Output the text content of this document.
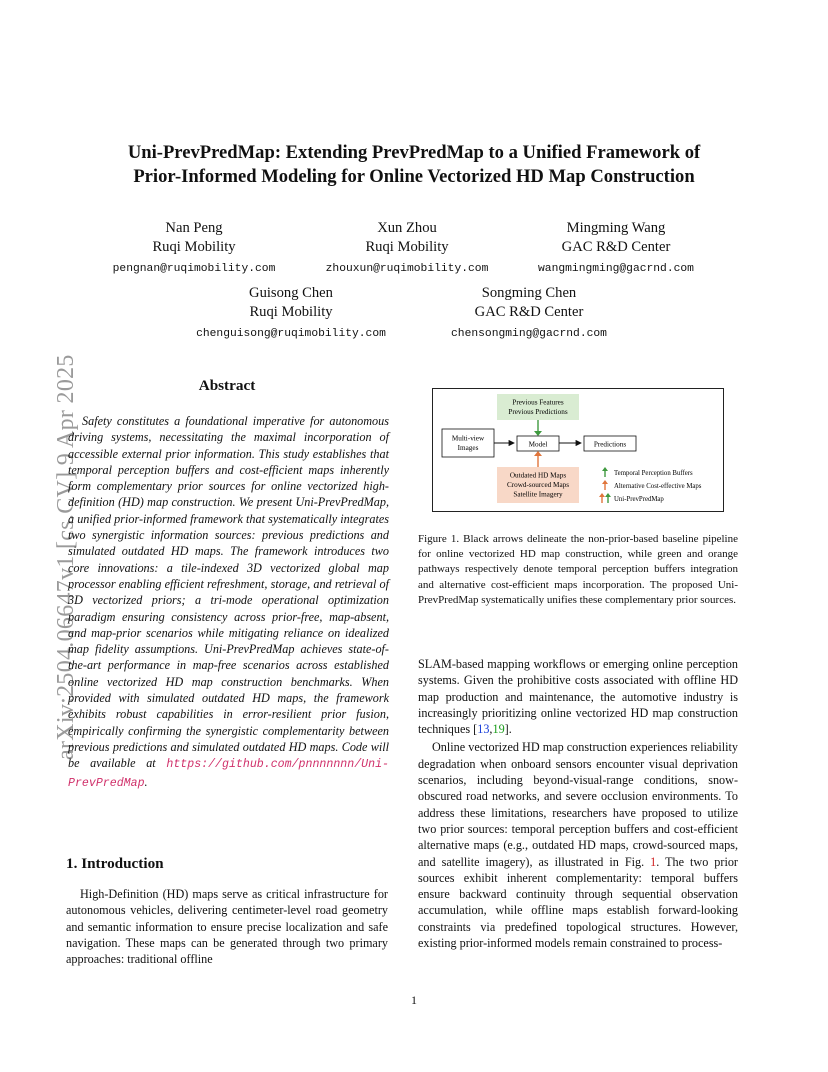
arXiv:2504.06647v1 [cs.CV] 9 Apr 2025
Uni-PrevPredMap: Extending PrevPredMap to a Unified Framework of
Prior-Informed Modeling for Online Vectorized HD Map Construction
Nan Peng
Ruqi Mobility
pengnan@ruqimobility.com
Xun Zhou
Ruqi Mobility
zhouxun@ruqimobility.com
Mingming Wang
GAC R&D Center
wangmingming@gacrnd.com
Guisong Chen
Ruqi Mobility
chenguisong@ruqimobility.com
Songming Chen
GAC R&D Center
chensongming@gacrnd.com
Abstract

Safety constitutes a foundational imperative for autonomous driving systems, necessitating the maximal incorporation of accessible external prior information. This study establishes that temporal perception buffers and cost-efficient maps inherently form complementary prior sources for online vectorized high-definition (HD) map construction. We present Uni-PrevPredMap, a unified prior-informed framework that systematically integrates two synergistic information sources: previous predictions and simulated outdated HD maps. The framework introduces two core innovations: a tile-indexed 3D vectorized global map processor enabling efficient refreshment, storage, and retrieval of 3D vectorized priors; a tri-mode operational optimization paradigm ensuring consistency across prior-free, map-absent, and map-prior scenarios while mitigating reliance on idealized map fidelity assumptions. Uni-PrevPredMap achieves state-of-the-art performance in map-free scenarios across established online vectorized HD map construction benchmarks. When provided with simulated outdated HD maps, the framework exhibits robust capabilities in error-resilient prior fusion, empirically confirming the synergistic complementarity between previous predictions and simulated outdated HD maps. Code will be available at https://github.com/pnnnnnnn/Uni-PrevPredMap.

1. Introduction

High-Definition (HD) maps serve as critical infrastructure for autonomous vehicles, delivering centimeter-level road geometry and semantic information to ensure precise localization and safe navigation. These maps can be generated through two primary approaches: traditional offline

Previous Features
Previous Predictions
Multi-view
Images	Model	Predictions
Outdated HD Maps
Crowd-sourced Maps
Satellite Imagery
Temporal Perception Buffers
Alternative Cost-effective Maps
Uni-PrevPredMap
Figure 1. Black arrows delineate the non-prior-based baseline pipeline for online vectorized HD map construction, while green and orange pathways respectively denote temporal perception buffers integration and alternative cost-efficient maps incorporation. The proposed Uni-PrevPredMap systematically unifies these complementary prior sources.

SLAM-based mapping workflows or emerging online perception systems. Given the prohibitive costs associated with offline HD map production and maintenance, the automotive industry is increasingly prioritizing online vectorized HD map construction techniques [13,19].

Online vectorized HD map construction experiences reliability degradation when onboard sensors encounter visual deprivation scenarios, including beyond-visual-range conditions, snow-obscured road networks, and severe occlusion environments. To address these limitations, researchers have proposed to utilize two prior sources: temporal perception buffers and cost-efficient alternative maps (e.g., outdated HD maps, crowd-sourced maps, and satellite imagery), as illustrated in Fig. 1. The two prior sources exhibit inherent complementarity: temporal buffers ensure backward continuity through sequential observation accumulation, while offline maps establish forward-looking constraints via predefined topological structures. However, existing prior-informed models remain constrained to process-

1
